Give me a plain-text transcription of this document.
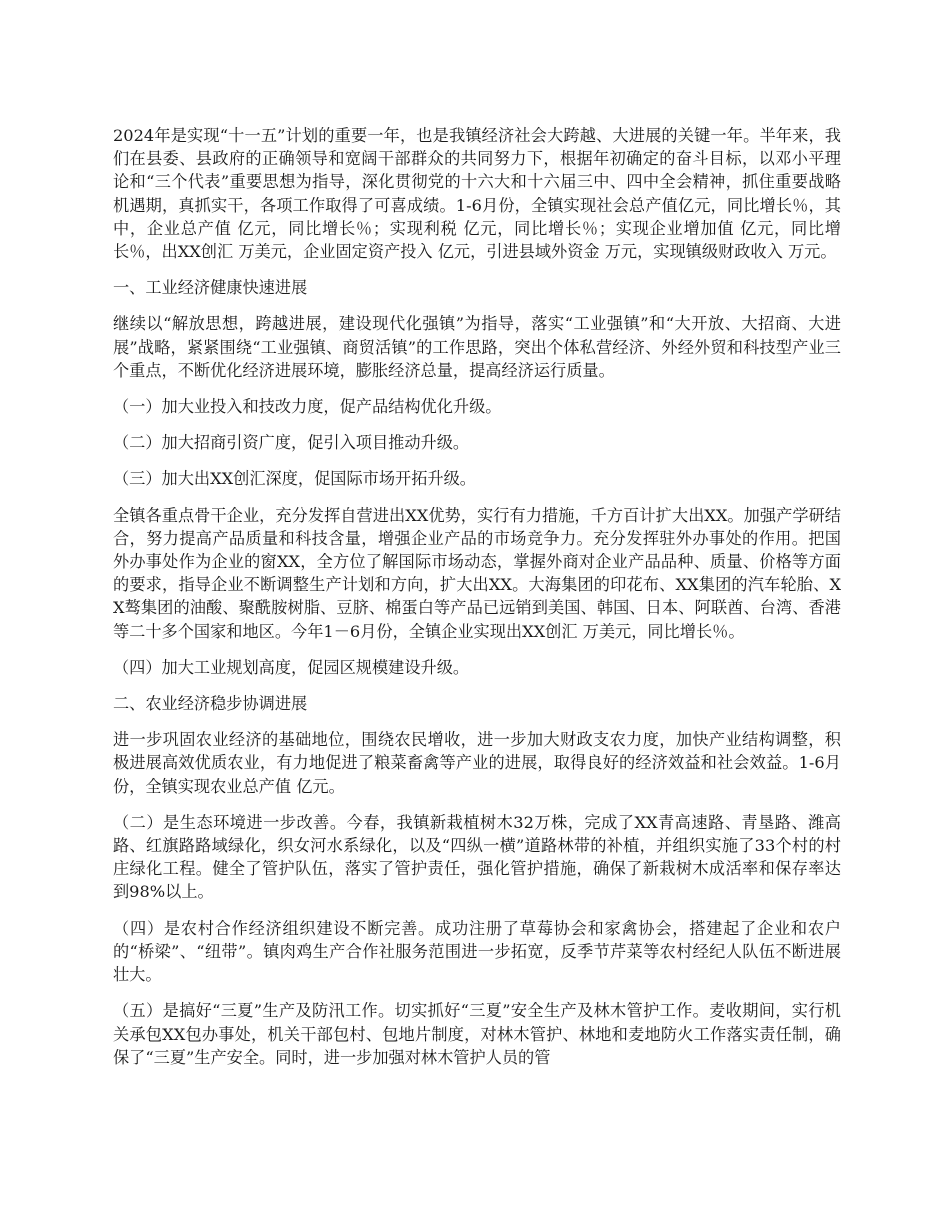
2024年是实现“十一五”计划的重要一年，也是我镇经济社会大跨越、大进展的关键一年。半年来，我们在县委、县政府的正确领导和宽阔干部群众的共同努力下，根据年初确定的奋斗目标，以邓小平理论和“三个代表”重要思想为指导，深化贯彻党的十六大和十六届三中、四中全会精神，抓住重要战略机遇期，真抓实干，各项工作取得了可喜成绩。1-6月份，全镇实现社会总产值亿元，同比增长％，其中，企业总产值 亿元，同比增长％；实现利税 亿元，同比增长％；实现企业增加值 亿元，同比增长％，出XX创汇 万美元，企业固定资产投入 亿元，引进县域外资金 万元，实现镇级财政收入 万元。

一、工业经济健康快速进展

继续以“解放思想，跨越进展，建设现代化强镇”为指导，落实“工业强镇”和“大开放、大招商、大进展”战略，紧紧围绕“工业强镇、商贸活镇”的工作思路，突出个体私营经济、外经外贸和科技型产业三个重点，不断优化经济进展环境，膨胀经济总量，提高经济运行质量。

（一）加大业投入和技改力度，促产品结构优化升级。

（二）加大招商引资广度，促引入项目推动升级。

（三）加大出XX创汇深度，促国际市场开拓升级。

全镇各重点骨干企业，充分发挥自营进出XX优势，实行有力措施，千方百计扩大出XX。加强产学研结合，努力提高产品质量和科技含量，增强企业产品的市场竞争力。充分发挥驻外办事处的作用。把国外办事处作为企业的窗XX，全方位了解国际市场动态，掌握外商对企业产品品种、质量、价格等方面的要求，指导企业不断调整生产计划和方向，扩大出XX。大海集团的印花布、XX集团的汽车轮胎、XX骜集团的油酸、聚酰胺树脂、豆脐、棉蛋白等产品已远销到美国、韩国、日本、阿联酋、台湾、香港等二十多个国家和地区。今年1－6月份，全镇企业实现出XX创汇 万美元，同比增长％。

（四）加大工业规划高度，促园区规模建设升级。

二、农业经济稳步协调进展

进一步巩固农业经济的基础地位，围绕农民增收，进一步加大财政支农力度，加快产业结构调整，积极进展高效优质农业，有力地促进了粮菜畜禽等产业的进展，取得良好的经济效益和社会效益。1-6月份，全镇实现农业总产值 亿元。

（二）是生态环境进一步改善。今春，我镇新栽植树木32万株，完成了XX青高速路、青垦路、潍高路、红旗路路域绿化，织女河水系绿化，以及“四纵一横”道路林带的补植，并组织实施了33个村的村庄绿化工程。健全了管护队伍，落实了管护责任，强化管护措施，确保了新栽树木成活率和保存率达到98%以上。

（四）是农村合作经济组织建设不断完善。成功注册了草莓协会和家禽协会，搭建起了企业和农户的“桥梁”、“纽带”。镇肉鸡生产合作社服务范围进一步拓宽，反季节芹菜等农村经纪人队伍不断进展壮大。

（五）是搞好“三夏”生产及防汛工作。切实抓好“三夏”安全生产及林木管护工作。麦收期间，实行机关承包XX包办事处，机关干部包村、包地片制度，对林木管护、林地和麦地防火工作落实责任制，确保了“三夏”生产安全。同时，进一步加强对林木管护人员的管
